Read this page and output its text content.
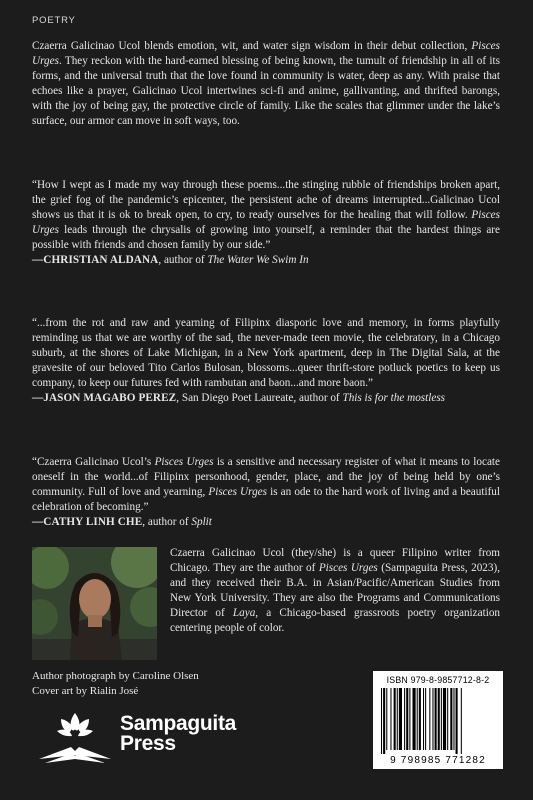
POETRY

Czaerra Galicinao Ucol blends emotion, wit, and water sign wisdom in their debut collection, Pisces Urges. They reckon with the hard-earned blessing of being known, the tumult of friendship in all of its forms, and the universal truth that the love found in community is water, deep as any. With praise that echoes like a prayer, Galicinao Ucol intertwines sci-fi and anime, gallivanting, and thrifted barongs, with the joy of being gay, the protective circle of family. Like the scales that glimmer under the lake’s surface, our armor can move in soft ways, too.

“How I wept as I made my way through these poems...the stinging rubble of friendships broken apart, the grief fog of the pandemic’s epicenter, the persistent ache of dreams interrupted...Galicinao Ucol shows us that it is ok to break open, to cry, to ready ourselves for the healing that will follow. Pisces Urges leads through the chrysalis of growing into yourself, a reminder that the hardest things are possible with friends and chosen family by our side.”

—CHRISTIAN ALDANA, author of The Water We Swim In

“...from the rot and raw and yearning of Filipinx diasporic love and memory, in forms playfully reminding us that we are worthy of the sad, the never-made teen movie, the celebratory, in a Chicago suburb, at the shores of Lake Michigan, in a New York apartment, deep in The Digital Sala, at the gravesite of our beloved Tito Carlos Bulosan, blossoms...queer thrift-store potluck poetics to keep us company, to keep our futures fed with rambutan and baon...and more baon.”

—JASON MAGABO PEREZ, San Diego Poet Laureate, author of This is for the mostless

“Czaerra Galicinao Ucol’s Pisces Urges is a sensitive and necessary register of what it means to locate oneself in the world...of Filipinx personhood, gender, place, and the joy of being held by one’s community. Full of love and yearning, Pisces Urges is an ode to the hard work of living and a beautiful celebration of becoming.”

—CATHY LINH CHE, author of Split

Czaerra Galicinao Ucol (they/she) is a queer Filipino writer from Chicago. They are the author of Pisces Urges (Sampaguita Press, 2023), and they received their B.A. in Asian/Pacific/American Studies from New York University. They are also the Programs and Communications Director of Laya, a Chicago-based grassroots poetry organization centering people of color.
Author photograph by Caroline Olsen
Cover art by Rialin José
Sampaguita
Press
ISBN 979-8-9857712-8-2
9 798985 771282
